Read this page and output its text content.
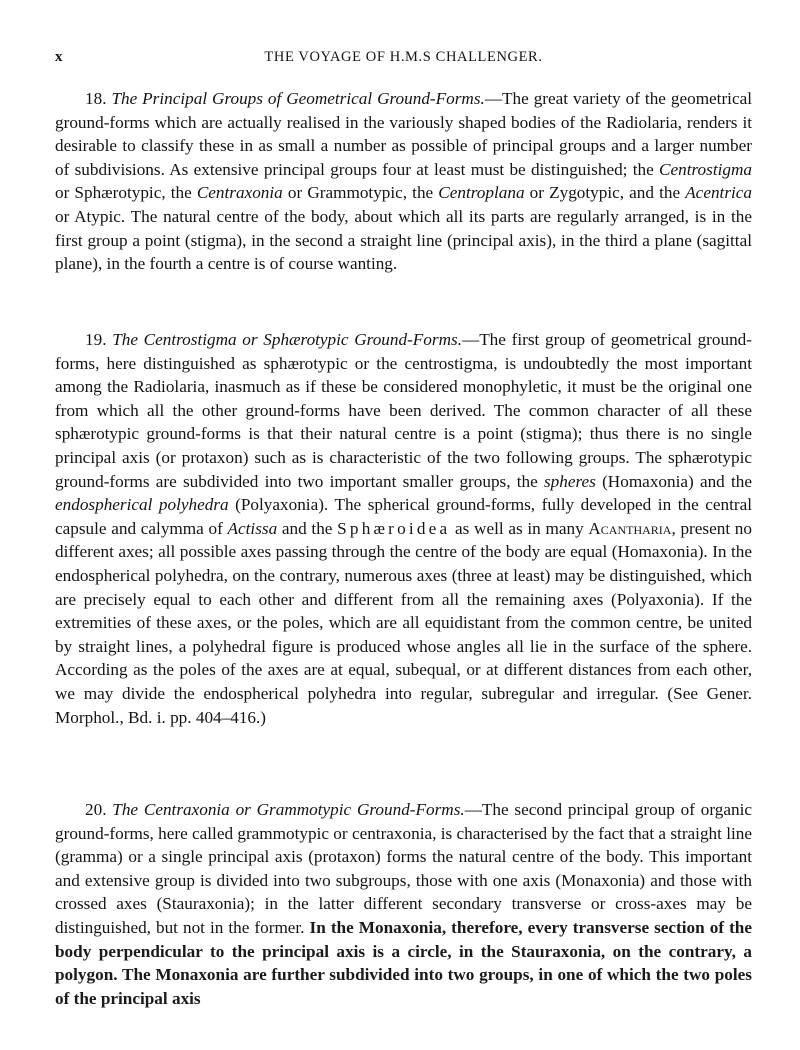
x	THE VOYAGE OF H.M.S CHALLENGER.

18. The Principal Groups of Geometrical Ground-Forms.—The great variety of the geometrical ground-forms which are actually realised in the variously shaped bodies of the Radiolaria, renders it desirable to classify these in as small a number as possible of principal groups and a larger number of subdivisions. As extensive principal groups four at least must be distinguished; the Centrostigma or Sphærotypic, the Centraxonia or Grammotypic, the Centroplana or Zygotypic, and the Acentrica or Atypic. The natural centre of the body, about which all its parts are regularly arranged, is in the first group a point (stigma), in the second a straight line (principal axis), in the third a plane (sagittal plane), in the fourth a centre is of course wanting.

19. The Centrostigma or Sphærotypic Ground-Forms.—The first group of geometrical ground-forms, here distinguished as sphærotypic or the centrostigma, is undoubtedly the most important among the Radiolaria, inasmuch as if these be considered monophyletic, it must be the original one from which all the other ground-forms have been derived. The common character of all these sphærotypic ground-forms is that their natural centre is a point (stigma); thus there is no single principal axis (or protaxon) such as is characteristic of the two following groups. The sphærotypic ground-forms are subdivided into two important smaller groups, the spheres (Homaxonia) and the endospherical polyhedra (Polyaxonia). The spherical ground-forms, fully developed in the central capsule and calymma of Actissa and the Sphæroidea as well as in many Acantharia, present no different axes; all possible axes passing through the centre of the body are equal (Homaxonia). In the endospherical polyhedra, on the contrary, numerous axes (three at least) may be distinguished, which are precisely equal to each other and different from all the remaining axes (Polyaxonia). If the extremities of these axes, or the poles, which are all equidistant from the common centre, be united by straight lines, a polyhedral figure is produced whose angles all lie in the surface of the sphere. According as the poles of the axes are at equal, subequal, or at different distances from each other, we may divide the endospherical polyhedra into regular, subregular and irregular. (See Gener. Morphol., Bd. i. pp. 404–416.)

20. The Centraxonia or Grammotypic Ground-Forms.—The second principal group of organic ground-forms, here called grammotypic or centraxonia, is characterised by the fact that a straight line (gramma) or a single principal axis (protaxon) forms the natural centre of the body. This important and extensive group is divided into two subgroups, those with one axis (Monaxonia) and those with crossed axes (Stauraxonia); in the latter different secondary transverse or cross-axes may be distinguished, but not in the former. In the Monaxonia, therefore, every transverse section of the body perpendicular to the principal axis is a circle, in the Stauraxonia, on the contrary, a polygon. The Monaxonia are further subdivided into two groups, in one of which the two poles of the principal axis
